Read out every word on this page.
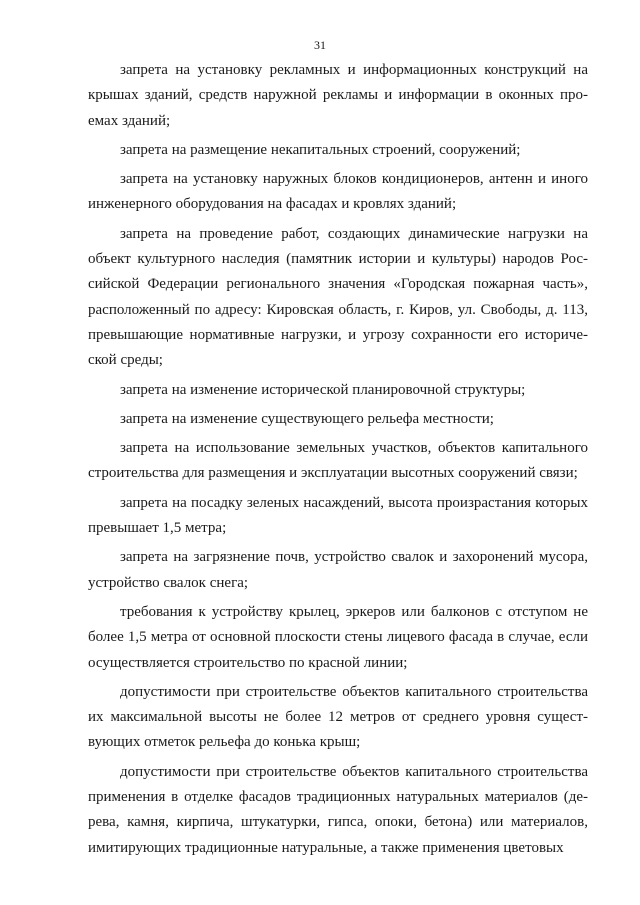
31

запрета на установку рекламных и информационных конструкций на крышах зданий, средств наружной рекламы и информации в оконных проемах зданий;

запрета на размещение некапитальных строений, сооружений;

запрета на установку наружных блоков кондиционеров, антенн и иного инженерного оборудования на фасадах и кровлях зданий;

запрета на проведение работ, создающих динамические нагрузки на объект культурного наследия (памятник истории и культуры) народов Российской Федерации регионального значения «Городская пожарная часть», расположенный по адресу: Кировская область, г. Киров, ул. Свободы, д. 113, превышающие нормативные нагрузки, и угрозу сохранности его исторической среды;

запрета на изменение исторической планировочной структуры;

запрета на изменение существующего рельефа местности;

запрета на использование земельных участков, объектов капитального строительства для размещения и эксплуатации высотных сооружений связи;

запрета на посадку зеленых насаждений, высота произрастания которых превышает 1,5 метра;

запрета на загрязнение почв, устройство свалок и захоронений мусора, устройство свалок снега;

требования к устройству крылец, эркеров или балконов с отступом не более 1,5 метра от основной плоскости стены лицевого фасада в случае, если осуществляется строительство по красной линии;

допустимости при строительстве объектов капитального строительства их максимальной высоты не более 12 метров от среднего уровня существующих отметок рельефа до конька крыш;

допустимости при строительстве объектов капитального строительства применения в отделке фасадов традиционных натуральных материалов (дерева, камня, кирпича, штукатурки, гипса, опоки, бетона) или материалов, имитирующих традиционные натуральные, а также применения цветовых
